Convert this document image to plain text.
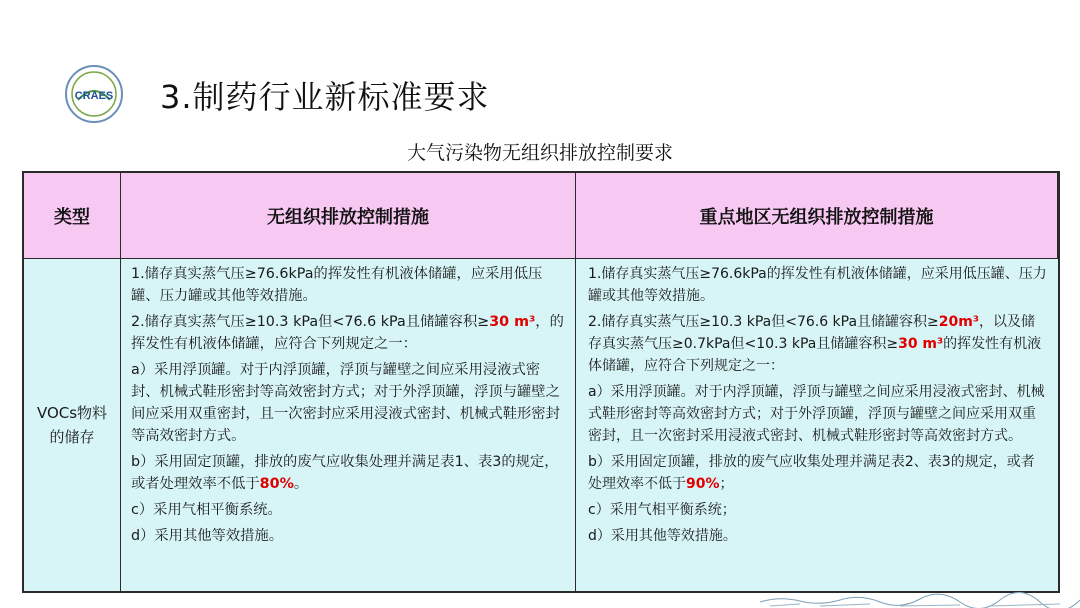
CRAES 3.制药行业新标准要求
大气污染物无组织排放控制要求
类型	无组织排放控制措施	重点地区无组织排放控制措施
VOCs物料的储存

1.储存真实蒸气压≥76.6kPa的挥发性有机液体储罐，应采用低压罐、压力罐或其他等效措施。

2.储存真实蒸气压≥10.3 kPa但<76.6 kPa且储罐容积≥30 m³，的挥发性有机液体储罐，应符合下列规定之一：

a）采用浮顶罐。对于内浮顶罐，浮顶与罐壁之间应采用浸液式密封、机械式鞋形密封等高效密封方式；对于外浮顶罐，浮顶与罐壁之间应采用双重密封，且一次密封应采用浸液式密封、机械式鞋形密封等高效密封方式。

b）采用固定顶罐，排放的废气应收集处理并满足表1、表3的规定，或者处理效率不低于80%。

c）采用气相平衡系统。

d）采用其他等效措施。

1.储存真实蒸气压≥76.6kPa的挥发性有机液体储罐，应采用低压罐、压力罐或其他等效措施。

2.储存真实蒸气压≥10.3 kPa但<76.6 kPa且储罐容积≥20m³，以及储存真实蒸气压≥0.7kPa但<10.3 kPa且储罐容积≥30 m³的挥发性有机液体储罐，应符合下列规定之一：

a）采用浮顶罐。对于内浮顶罐，浮顶与罐壁之间应采用浸液式密封、机械式鞋形密封等高效密封方式；对于外浮顶罐，浮顶与罐壁之间应采用双重密封，且一次密封采用浸液式密封、机械式鞋形密封等高效密封方式。

b）采用固定顶罐，排放的废气应收集处理并满足表2、表3的规定，或者处理效率不低于90%；

c）采用气相平衡系统；

d）采用其他等效措施。
